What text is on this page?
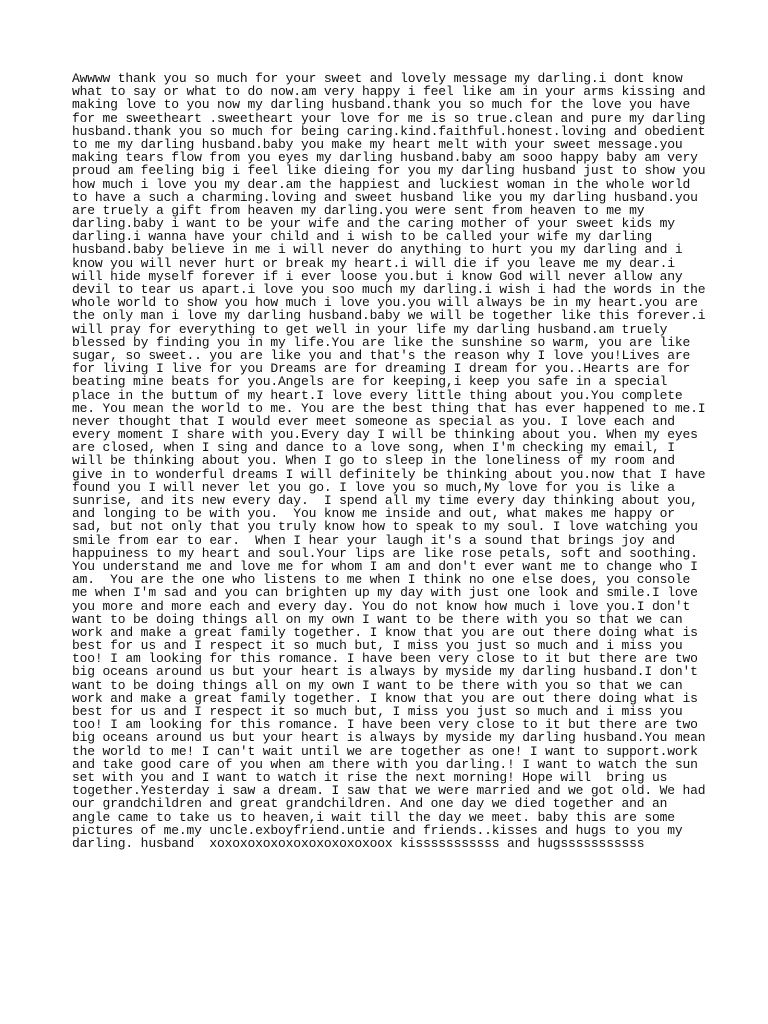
Awwww thank you so much for your sweet and lovely message my darling.i dont know
what to say or what to do now.am very happy i feel like am in your arms kissing and
making love to you now my darling husband.thank you so much for the love you have
for me sweetheart .sweetheart your love for me is so true.clean and pure my darling
husband.thank you so much for being caring.kind.faithful.honest.loving and obedient
to me my darling husband.baby you make my heart melt with your sweet message.you
making tears flow from you eyes my darling husband.baby am sooo happy baby am very
proud am feeling big i feel like dieing for you my darling husband just to show you
how much i love you my dear.am the happiest and luckiest woman in the whole world
to have a such a charming.loving and sweet husband like you my darling husband.you
are truely a gift from heaven my darling.you were sent from heaven to me my
darling.baby i want to be your wife and the caring mother of your sweet kids my
darling.i wanna have your child and i wish to be called your wife my darling
husband.baby believe in me i will never do anything to hurt you my darling and i
know you will never hurt or break my heart.i will die if you leave me my dear.i
will hide myself forever if i ever loose you.but i know God will never allow any
devil to tear us apart.i love you soo much my darling.i wish i had the words in the
whole world to show you how much i love you.you will always be in my heart.you are
the only man i love my darling husband.baby we will be together like this forever.i
will pray for everything to get well in your life my darling husband.am truely
blessed by finding you in my life.You are like the sunshine so warm, you are like
sugar, so sweet.. you are like you and that's the reason why I love you!Lives are
for living I live for you Dreams are for dreaming I dream for you..Hearts are for
beating mine beats for you.Angels are for keeping,i keep you safe in a special
place in the buttum of my heart.I love every little thing about you.You complete
me. You mean the world to me. You are the best thing that has ever happened to me.I
never thought that I would ever meet someone as special as you. I love each and
every moment I share with you.Every day I will be thinking about you. When my eyes
are closed, when I sing and dance to a love song, when I'm checking my email, I
will be thinking about you. When I go to sleep in the loneliness of my room and
give in to wonderful dreams I will definitely be thinking about you.now that I have
found you I will never let you go. I love you so much,My love for you is like a
sunrise, and its new every day.  I spend all my time every day thinking about you,
and longing to be with you.  You know me inside and out, what makes me happy or
sad, but not only that you truly know how to speak to my soul. I love watching you
smile from ear to ear.  When I hear your laugh it's a sound that brings joy and
happuiness to my heart and soul.Your lips are like rose petals, soft and soothing.
You understand me and love me for whom I am and don't ever want me to change who I
am.  You are the one who listens to me when I think no one else does, you console
me when I'm sad and you can brighten up my day with just one look and smile.I love
you more and more each and every day. You do not know how much i love you.I don't
want to be doing things all on my own I want to be there with you so that we can
work and make a great family together. I know that you are out there doing what is
best for us and I respect it so much but, I miss you just so much and i miss you
too! I am looking for this romance. I have been very close to it but there are two
big oceans around us but your heart is always by myside my darling husband.I don't
want to be doing things all on my own I want to be there with you so that we can
work and make a great family together. I know that you are out there doing what is
best for us and I respect it so much but, I miss you just so much and i miss you
too! I am looking for this romance. I have been very close to it but there are two
big oceans around us but your heart is always by myside my darling husband.You mean
the world to me! I can't wait until we are together as one! I want to support.work
and take good care of you when am there with you darling.! I want to watch the sun
set with you and I want to watch it rise the next morning! Hope will  bring us
together.Yesterday i saw a dream. I saw that we were married and we got old. We had
our grandchildren and great grandchildren. And one day we died together and an
angle came to take us to heaven,i wait till the day we meet. baby this are some
pictures of me.my uncle.exboyfriend.untie and friends..kisses and hugs to you my
darling. husband  xoxoxoxoxoxoxoxoxoxoxoox kisssssssssss and hugsssssssssss
